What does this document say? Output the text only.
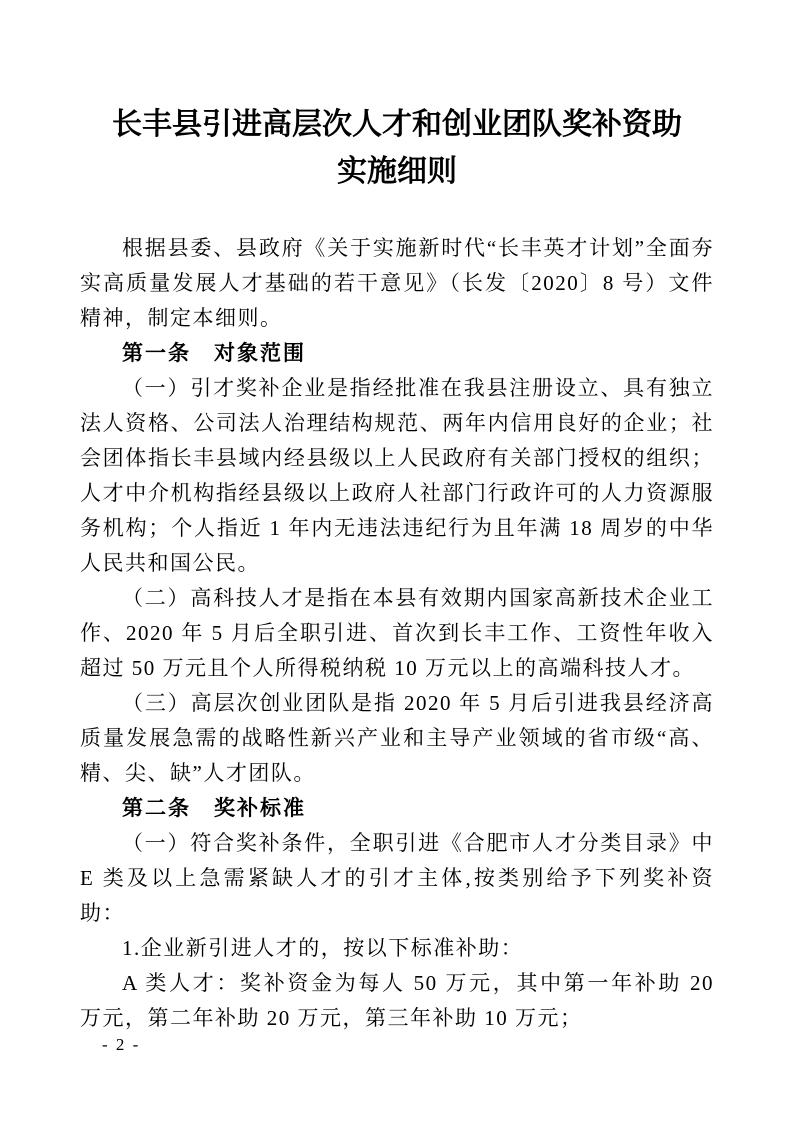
长丰县引进高层次人才和创业团队奖补资助
实施细则

根据县委、县政府《关于实施新时代“长丰英才计划”全面夯实高质量发展人才基础的若干意见》（长发〔2020〕8 号）文件精神，制定本细则。

第一条　对象范围

（一）引才奖补企业是指经批准在我县注册设立、具有独立法人资格、公司法人治理结构规范、两年内信用良好的企业；社会团体指长丰县域内经县级以上人民政府有关部门授权的组织；人才中介机构指经县级以上政府人社部门行政许可的人力资源服务机构；个人指近 1 年内无违法违纪行为且年满 18 周岁的中华人民共和国公民。

（二）高科技人才是指在本县有效期内国家高新技术企业工作、2020 年 5 月后全职引进、首次到长丰工作、工资性年收入超过 50 万元且个人所得税纳税 10 万元以上的高端科技人才。

（三）高层次创业团队是指 2020 年 5 月后引进我县经济高质量发展急需的战略性新兴产业和主导产业领域的省市级“高、精、尖、缺”人才团队。

第二条　奖补标准

（一）符合奖补条件，全职引进《合肥市人才分类目录》中 E 类及以上急需紧缺人才的引才主体,按类别给予下列奖补资助：

1.企业新引进人才的，按以下标准补助：

A 类人才：奖补资金为每人 50 万元，其中第一年补助 20 万元，第二年补助 20 万元，第三年补助 10 万元；

- 2 -
